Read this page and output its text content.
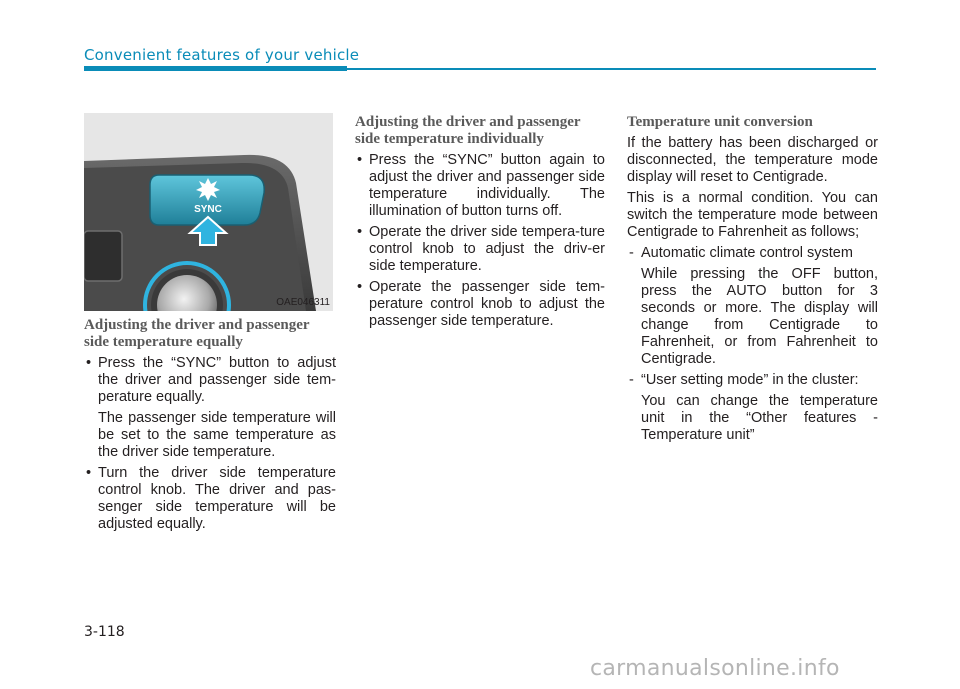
Convenient features of your vehicle
SYNC
OAE046311
Adjusting the driver and passenger side temperature equally
• Press the “SYNC” button to adjust the driver and passenger side tem-perature equally.
The passenger side temperature will be set to the same temperature as the driver side temperature.
• Turn the driver side temperature control knob. The driver and pas-senger side temperature will be adjusted equally.
Adjusting the driver and passenger side temperature individually
• Press the “SYNC” button again to adjust the driver and passenger side temperature individually. The illumination of button turns off.
• Operate the driver side tempera-ture control knob to adjust the driv-er side temperature.
• Operate the passenger side tem-perature control knob to adjust the passenger side temperature.
Temperature unit conversion
If the battery has been discharged or disconnected, the temperature mode display will reset to Centigrade.
This is a normal condition. You can switch the temperature mode between Centigrade to Fahrenheit as follows;
- Automatic climate control system
While pressing the OFF button, press the AUTO button for 3 seconds or more. The display will change from Centigrade to Fahrenheit, or from Fahrenheit to Centigrade.
- “User setting mode” in the cluster:
You can change the temperature unit in the “Other features - Temperature unit”
3-118
carmanualsonline.info
